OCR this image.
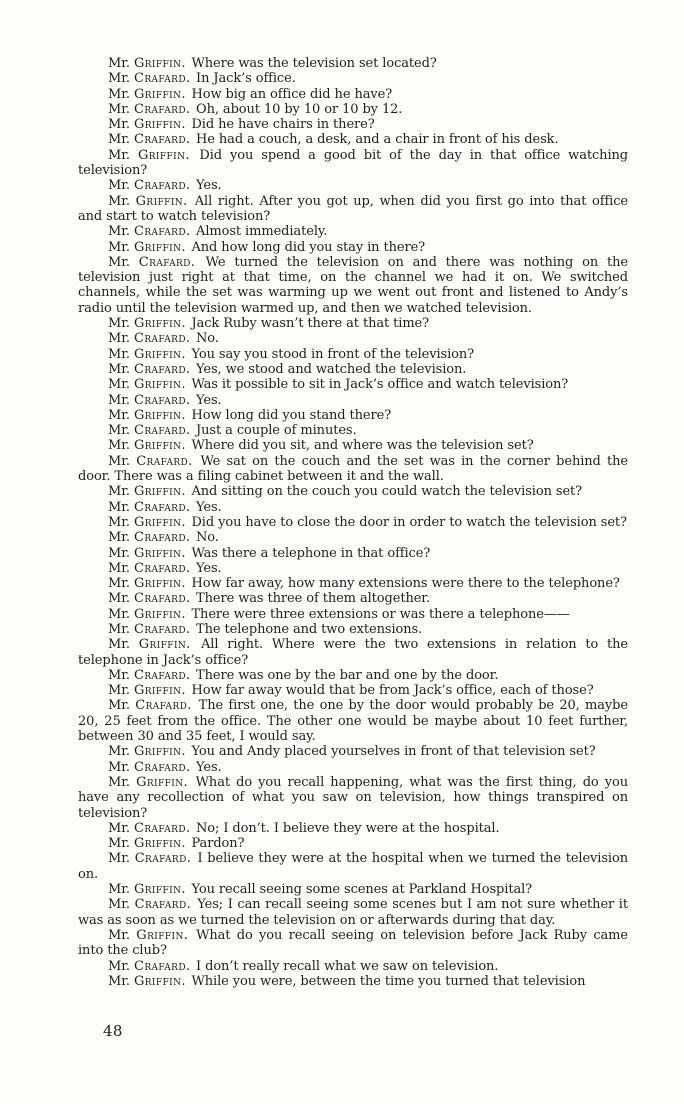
Mr. Griffin. Where was the television set located?

Mr. Crafard. In Jack’s office.

Mr. Griffin. How big an office did he have?

Mr. Crafard. Oh, about 10 by 10 or 10 by 12.

Mr. Griffin. Did he have chairs in there?

Mr. Crafard. He had a couch, a desk, and a chair in front of his desk.

Mr. Griffin. Did you spend a good bit of the day in that office watching television?

Mr. Crafard. Yes.

Mr. Griffin. All right. After you got up, when did you first go into that office and start to watch television?

Mr. Crafard. Almost immediately.

Mr. Griffin. And how long did you stay in there?

Mr. Crafard. We turned the television on and there was nothing on the television just right at that time, on the channel we had it on. We switched channels, while the set was warming up we went out front and listened to Andy’s radio until the television warmed up, and then we watched television.

Mr. Griffin. Jack Ruby wasn’t there at that time?

Mr. Crafard. No.

Mr. Griffin. You say you stood in front of the television?

Mr. Crafard. Yes, we stood and watched the television.

Mr. Griffin. Was it possible to sit in Jack’s office and watch television?

Mr. Crafard. Yes.

Mr. Griffin. How long did you stand there?

Mr. Crafard. Just a couple of minutes.

Mr. Griffin. Where did you sit, and where was the television set?

Mr. Crafard. We sat on the couch and the set was in the corner behind the door. There was a filing cabinet between it and the wall.

Mr. Griffin. And sitting on the couch you could watch the television set?

Mr. Crafard. Yes.

Mr. Griffin. Did you have to close the door in order to watch the television set?

Mr. Crafard. No.

Mr. Griffin. Was there a telephone in that office?

Mr. Crafard. Yes.

Mr. Griffin. How far away, how many extensions were there to the telephone?

Mr. Crafard. There was three of them altogether.

Mr. Griffin. There were three extensions or was there a telephone——

Mr. Crafard. The telephone and two extensions.

Mr. Griffin. All right. Where were the two extensions in relation to the telephone in Jack’s office?

Mr. Crafard. There was one by the bar and one by the door.

Mr. Griffin. How far away would that be from Jack’s office, each of those?

Mr. Crafard. The first one, the one by the door would probably be 20, maybe 20, 25 feet from the office. The other one would be maybe about 10 feet further, between 30 and 35 feet, I would say.

Mr. Griffin. You and Andy placed yourselves in front of that television set?

Mr. Crafard. Yes.

Mr. Griffin. What do you recall happening, what was the first thing, do you have any recollection of what you saw on television, how things transpired on television?

Mr. Crafard. No; I don’t. I believe they were at the hospital.

Mr. Griffin. Pardon?

Mr. Crafard. I believe they were at the hospital when we turned the television on.

Mr. Griffin. You recall seeing some scenes at Parkland Hospital?

Mr. Crafard. Yes; I can recall seeing some scenes but I am not sure whether it was as soon as we turned the television on or afterwards during that day.

Mr. Griffin. What do you recall seeing on television before Jack Ruby came into the club?

Mr. Crafard. I don’t really recall what we saw on television.

Mr. Griffin. While you were, between the time you turned that television

48
